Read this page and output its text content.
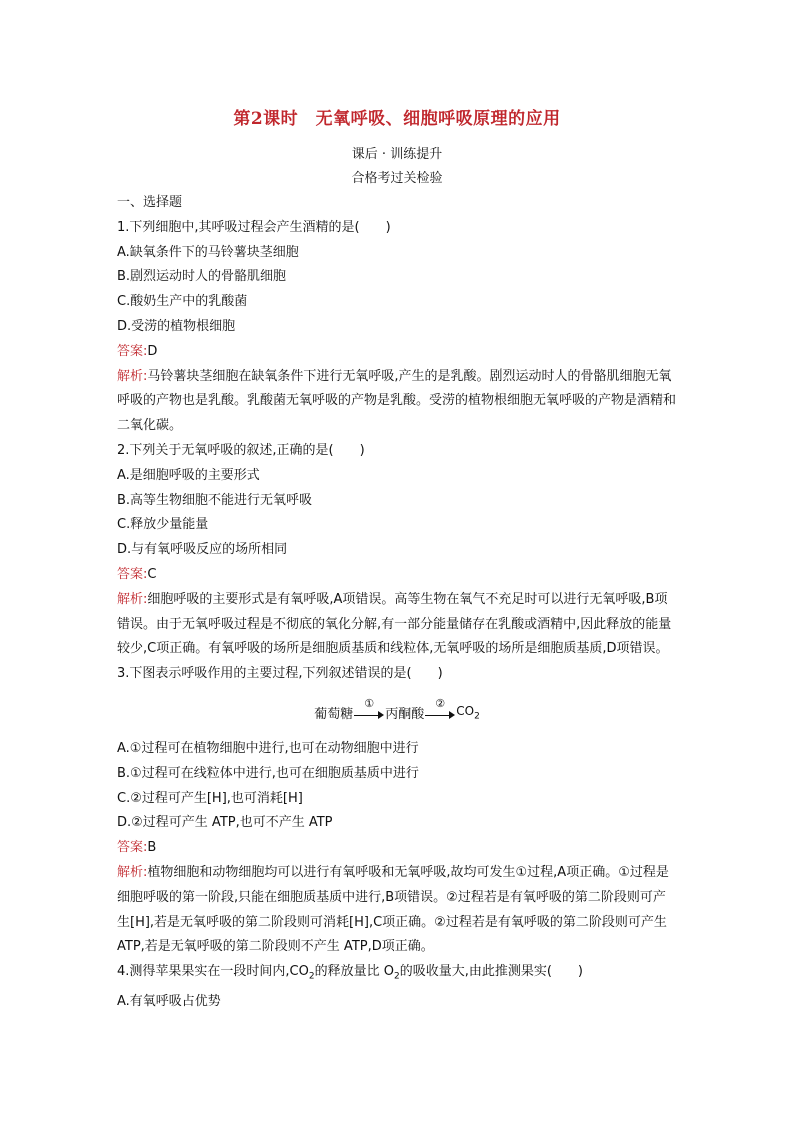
第2课时　无氧呼吸、细胞呼吸原理的应用
课后 · 训练提升
合格考过关检验
一、选择题
1.下列细胞中,其呼吸过程会产生酒精的是(　　)
A.缺氧条件下的马铃薯块茎细胞
B.剧烈运动时人的骨骼肌细胞
C.酸奶生产中的乳酸菌
D.受涝的植物根细胞
答案:D
解析:马铃薯块茎细胞在缺氧条件下进行无氧呼吸,产生的是乳酸。剧烈运动时人的骨骼肌细胞无氧呼吸的产物也是乳酸。乳酸菌无氧呼吸的产物是乳酸。受涝的植物根细胞无氧呼吸的产物是酒精和二氧化碳。
2.下列关于无氧呼吸的叙述,正确的是(　　)
A.是细胞呼吸的主要形式
B.高等生物细胞不能进行无氧呼吸
C.释放少量能量
D.与有氧呼吸反应的场所相同
答案:C
解析:细胞呼吸的主要形式是有氧呼吸,A项错误。高等生物在氧气不充足时可以进行无氧呼吸,B项错误。由于无氧呼吸过程是不彻底的氧化分解,有一部分能量储存在乳酸或酒精中,因此释放的能量较少,C项正确。有氧呼吸的场所是细胞质基质和线粒体,无氧呼吸的场所是细胞质基质,D项错误。
3.下图表示呼吸作用的主要过程,下列叙述错误的是(　　)
葡萄糖
①
丙酮酸
②
$CO_2$
A.①过程可在植物细胞中进行,也可在动物细胞中进行
B.①过程可在线粒体中进行,也可在细胞质基质中进行
C.②过程可产生[H],也可消耗[H]
D.②过程可产生 ATP,也可不产生 ATP
答案:B
解析:植物细胞和动物细胞均可以进行有氧呼吸和无氧呼吸,故均可发生①过程,A项正确。①过程是细胞呼吸的第一阶段,只能在细胞质基质中进行,B项错误。②过程若是有氧呼吸的第二阶段则可产生[H],若是无氧呼吸的第二阶段则可消耗[H],C项正确。②过程若是有氧呼吸的第二阶段则可产生 ATP,若是无氧呼吸的第二阶段则不产生 ATP,D项正确。
4.测得苹果果实在一段时间内$,CO_2$的释放量比 $O_2$的吸收量大,由此推测果实(　　)
A.有氧呼吸占优势
